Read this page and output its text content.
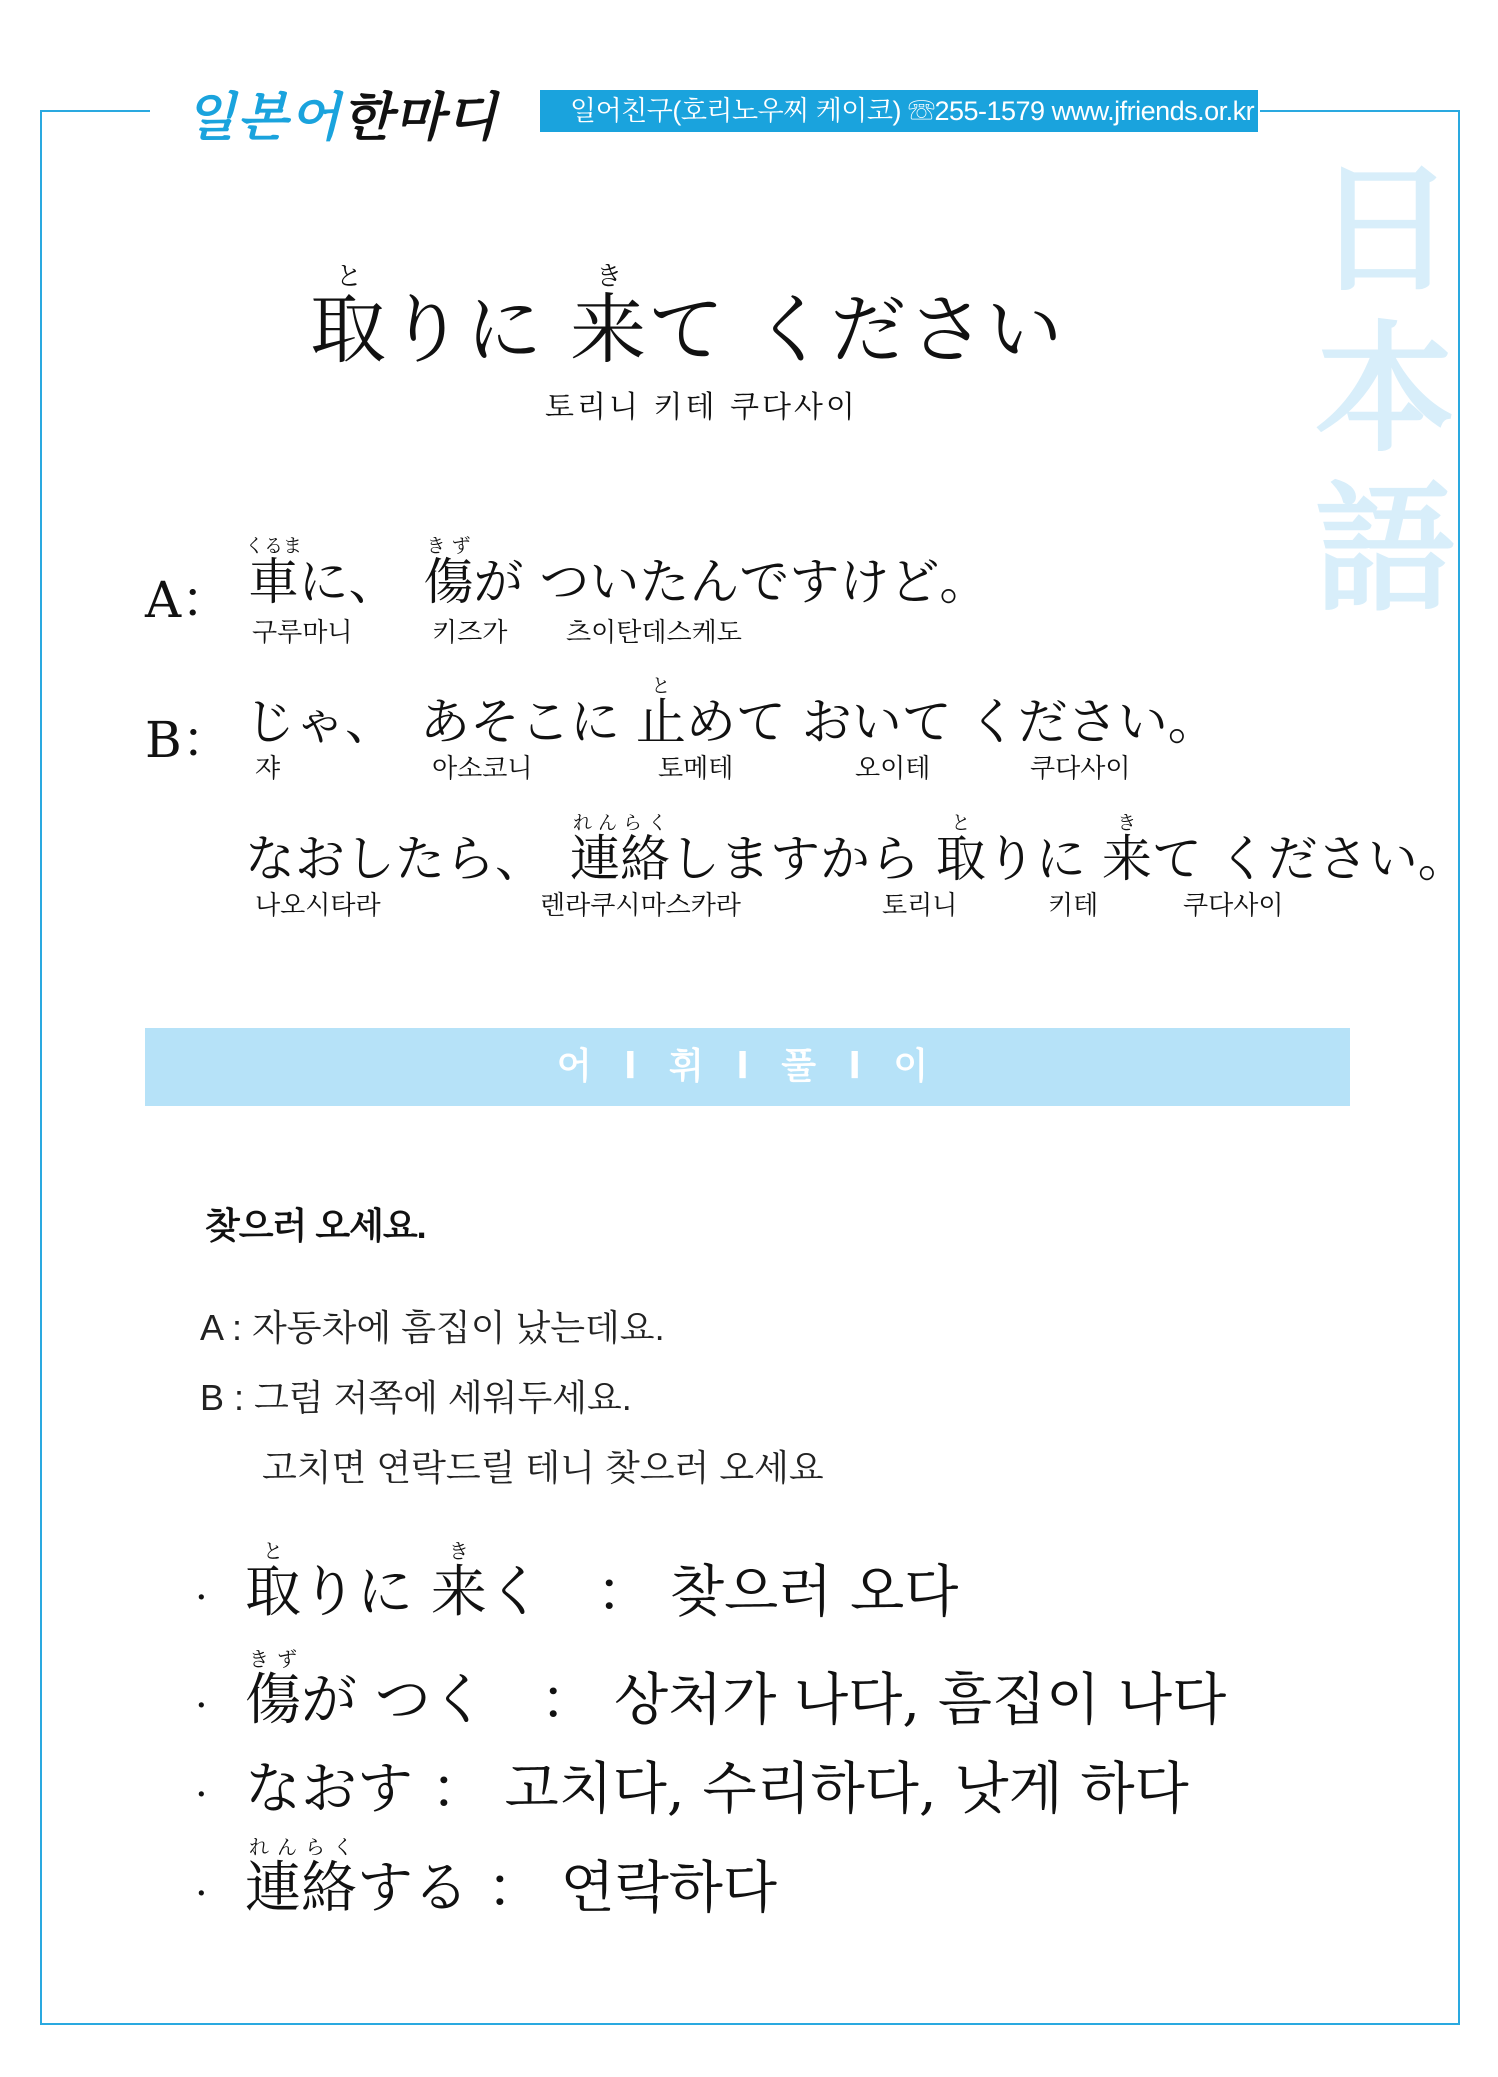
일본어한마디	일어친구(호리노우찌 케이코) ☏255-1579 www.jfriends.or.kr
日
本
語
取とりに 来きて ください
토리니 키테 쿠다사이
A： 車くるまに、　傷きずが ついたんですけど。
구루마니	키즈가 츠이탄데스케도
B： じゃ、　あそこに 止とめて おいて ください。
쟈	아소코니	토메테	오이테	쿠다사이
なおしたら、　連絡れんらくしますから 取とりに 来きて ください。
나오시타라	렌라쿠시마스카라	토리니	키테	쿠다사이
어 l 휘 l 풀 l 이
찾으러 오세요.
A : 자동차에 흠집이 났는데요.
B : 그럼 저쪽에 세워두세요.
고치면 연락드릴 테니 찾으러 오세요
· 取とりに 来きく ： 찾으러 오다
· 傷きずが つく ： 상처가 나다, 흠집이 나다
· なおす ： 고치다, 수리하다, 낫게 하다
· 連絡れんらくする ： 연락하다
